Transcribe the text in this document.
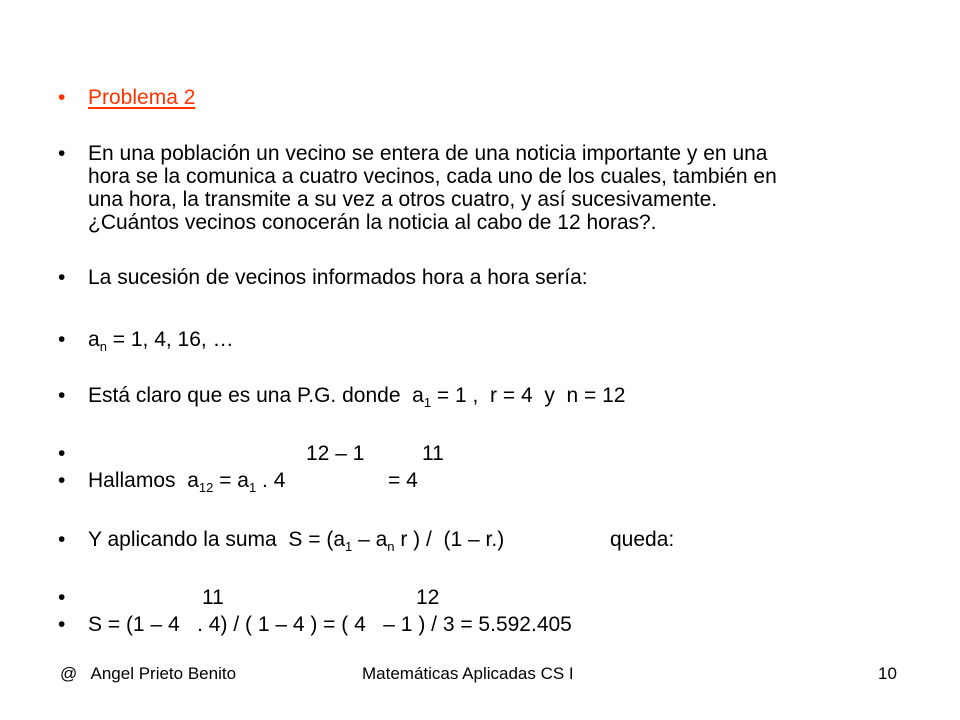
• Problema 2
• En una población un vecino se entera de una noticia importante y en una
hora se la comunica a cuatro vecinos, cada uno de los cuales, también en
una hora, la transmite a su vez a otros cuatro, y así sucesivamente.
¿Cuántos vecinos conocerán la noticia al cabo de 12 horas?.
• La sucesión de vecinos informados hora a hora sería:
• $a_n = 1$, 4, 16, …
• Está claro que es una P.G. donde  $a_1 = 1$ ,  r = 4  y  n = 12
•	12 – 1	11
• Hallamos  $a_{12} = a_1$ . 4	= 4
• Y aplicando la suma  $S = (a_1 - a_n$ r ) /  (1 – r.)	queda:
•	11	12
• S = (1 – 4   . 4) / ( 1 – 4 ) = ( 4   – 1 ) / 3 = 5.592.405
@   Angel Prieto Benito	Matemáticas Aplicadas CS I	10
